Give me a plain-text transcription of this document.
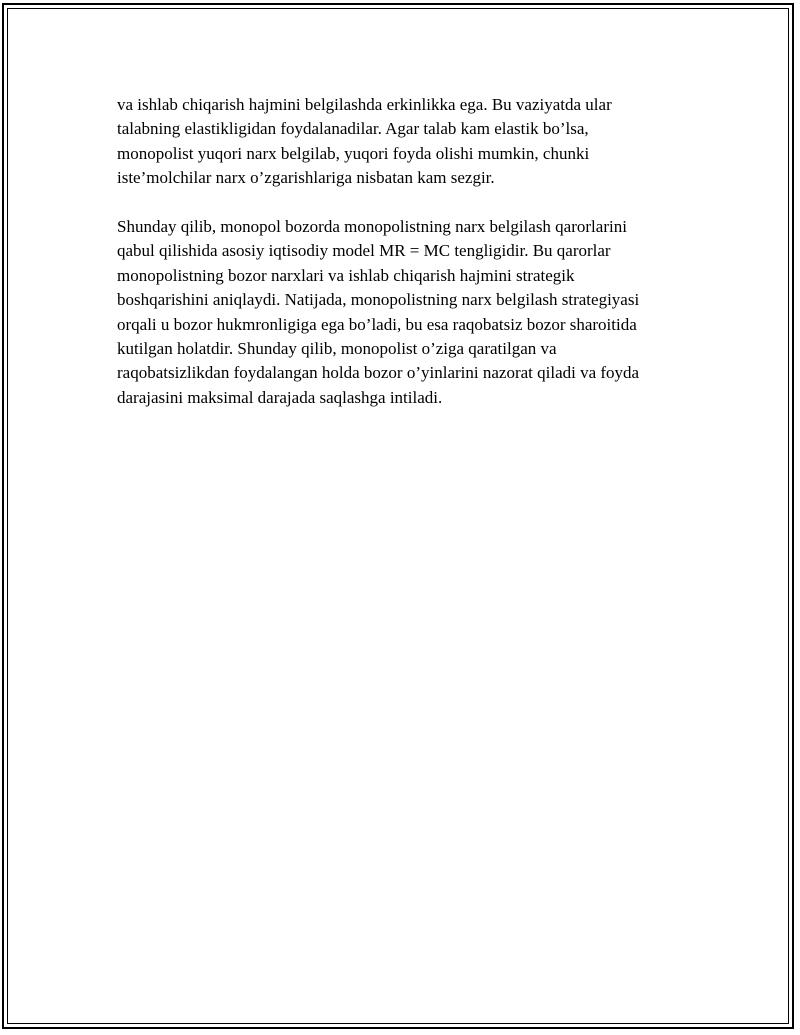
va ishlab chiqarish hajmini belgilashda erkinlikka ega. Bu vaziyatda ular
talabning elastikligidan foydalanadilar. Agar talab kam elastik bo’lsa,
monopolist yuqori narx belgilab, yuqori foyda olishi mumkin, chunki
iste’molchilar narx o’zgarishlariga nisbatan kam sezgir.
Shunday qilib, monopol bozorda monopolistning narx belgilash qarorlarini
qabul qilishida asosiy iqtisodiy model MR = MC tengligidir. Bu qarorlar
monopolistning bozor narxlari va ishlab chiqarish hajmini strategik
boshqarishini aniqlaydi. Natijada, monopolistning narx belgilash strategiyasi
orqali u bozor hukmronligiga ega bo’ladi, bu esa raqobatsiz bozor sharoitida
kutilgan holatdir. Shunday qilib, monopolist o’ziga qaratilgan va
raqobatsizlikdan foydalangan holda bozor o’yinlarini nazorat qiladi va foyda
darajasini maksimal darajada saqlashga intiladi.
